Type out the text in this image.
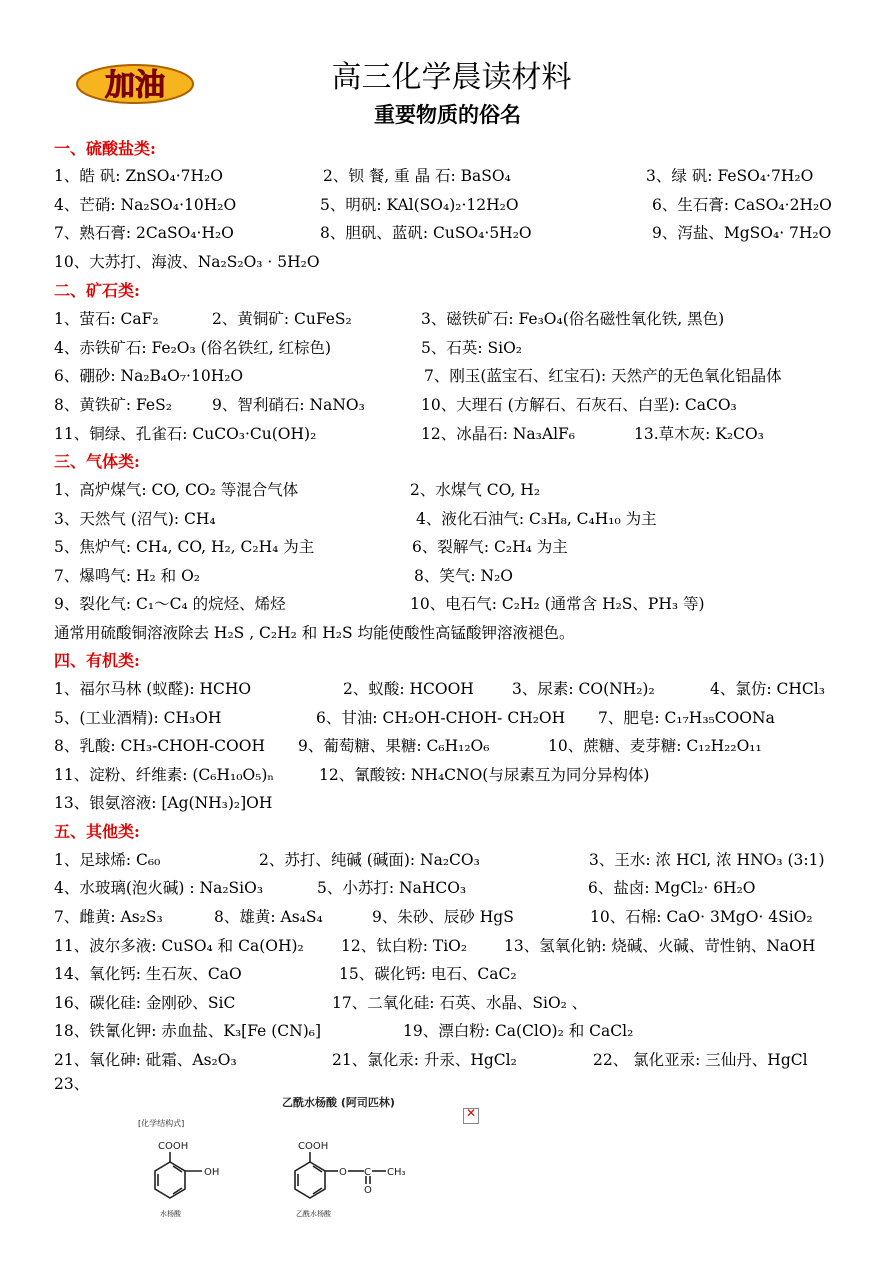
加油	高三化学晨读材料
重要物质的俗名
一、硫酸盐类:
1、皓 矾: ZnSO₄·7H₂O	2、钡 餐, 重 晶 石: BaSO₄	3、绿 矾: FeSO₄·7H₂O
4、芒硝: Na₂SO₄·10H₂O	5、明矾: KAl(SO₄)₂·12H₂O	6、生石膏: CaSO₄·2H₂O
7、熟石膏: 2CaSO₄·H₂O	8、胆矾、蓝矾: CuSO₄·5H₂O	9、泻盐、MgSO₄· 7H₂O
10、大苏打、海波、Na₂S₂O₃ · 5H₂O
二、矿石类:
1、萤石: CaF₂	2、黄铜矿: CuFeS₂	3、磁铁矿石: Fe₃O₄(俗名磁性氧化铁, 黑色)
4、赤铁矿石: Fe₂O₃ (俗名铁红, 红棕色)	5、石英: SiO₂
6、硼砂: Na₂B₄O₇·10H₂O	7、刚玉(蓝宝石、红宝石): 天然产的无色氧化铝晶体
8、黄铁矿: FeS₂	9、智利硝石: NaNO₃	10、大理石 (方解石、石灰石、白垩): CaCO₃
11、铜绿、孔雀石: CuCO₃·Cu(OH)₂	12、冰晶石: Na₃AlF₆	13.草木灰: K₂CO₃
三、气体类:
1、高炉煤气: CO, CO₂ 等混合气体	2、水煤气 CO, H₂
3、天然气 (沼气): CH₄	4、液化石油气: C₃H₈, C₄H₁₀ 为主
5、焦炉气: CH₄, CO, H₂, C₂H₄ 为主	6、裂解气: C₂H₄ 为主
7、爆鸣气: H₂ 和 O₂	8、笑气: N₂O
9、裂化气: C₁～C₄ 的烷烃、烯烃	10、电石气: C₂H₂ (通常含 H₂S、PH₃ 等)
通常用硫酸铜溶液除去 H₂S , C₂H₂ 和 H₂S 均能使酸性高锰酸钾溶液褪色。
四、有机类:
1、福尔马林 (蚁醛): HCHO	2、蚁酸: HCOOH 3、尿素: CO(NH₂)₂	4、氯仿: CHCl₃
5、(工业酒精): CH₃OH	6、甘油: CH₂OH-CHOH- CH₂OH 7、肥皂: C₁₇H₃₅COONa
8、乳酸: CH₃-CHOH-COOH 9、葡萄糖、果糖: C₆H₁₂O₆	10、蔗糖、麦芽糖: C₁₂H₂₂O₁₁
11、淀粉、纤维素: (C₆H₁₀O₅)ₙ	12、氰酸铵: NH₄CNO(与尿素互为同分异构体)
13、银氨溶液: [Ag(NH₃)₂]OH
五、其他类:
1、足球烯: C₆₀	2、苏打、纯碱 (碱面): Na₂CO₃	3、王水: 浓 HCl, 浓 HNO₃ (3:1)
4、水玻璃(泡火碱) : Na₂SiO₃	5、小苏打: NaHCO₃	6、盐卤: MgCl₂· 6H₂O
7、雌黄: As₂S₃	8、雄黄: As₄S₄	9、朱砂、辰砂 HgS	10、石棉: CaO· 3MgO· 4SiO₂
11、波尔多液: CuSO₄ 和 Ca(OH)₂ 12、钛白粉: TiO₂ 13、氢氧化钠: 烧碱、火碱、苛性钠、NaOH
14、氧化钙: 生石灰、CaO	15、碳化钙: 电石、CaC₂
16、碳化硅: 金刚砂、SiC	17、二氧化硅: 石英、水晶、SiO₂ 、
18、铁氰化钾: 赤血盐、K₃[Fe (CN)₆]	19、漂白粉: Ca(ClO)₂ 和 CaCl₂
21、氧化砷: 砒霜、As₂O₃	21、氯化汞: 升汞、HgCl₂	22、 氯化亚汞: 三仙丹、HgCl
23、
乙酰水杨酸 (阿司匹林)
[化学结构式]
COOH
OH
水杨酸
COOH
O C
O
CH₃
乙酰水杨酸
✕
